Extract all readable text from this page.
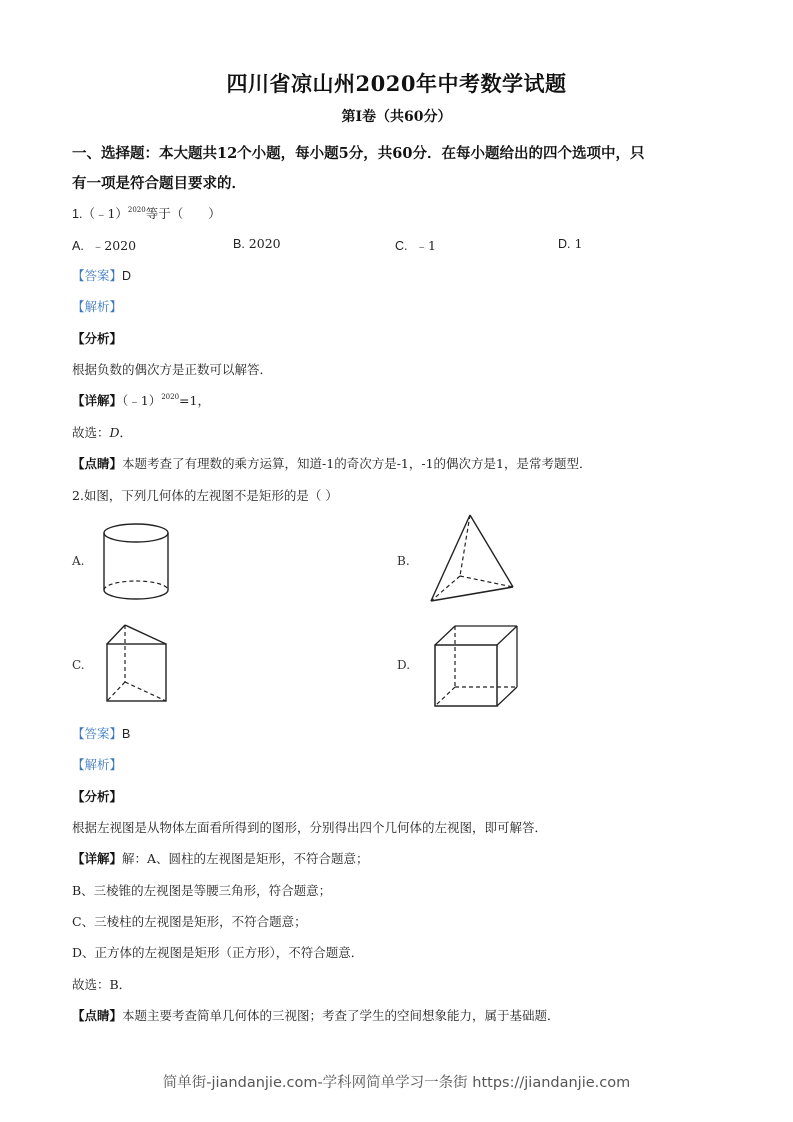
四川省凉山州2020年中考数学试题
第Ⅰ卷（共60分）
一、选择题：本大题共12个小题，每小题5分，共60分．在每小题给出的四个选项中，只
有一项是符合题目要求的．
1.（﹣1）$^{2020}$等于（　　）
A. ﹣2020	B. 2020	C. ﹣1	D. 1
【答案】D
【解析】
【分析】
根据负数的偶次方是正数可以解答．
【详解】（﹣1）$^{2020}$=1，
故选：D．
【点睛】本题考查了有理数的乘方运算，知道-1的奇次方是-1，-1的偶次方是1，是常考题型．
2.如图，下列几何体的左视图不是矩形的是（ ）
A.	B.
C.	D.
【答案】B
【解析】
【分析】
根据左视图是从物体左面看所得到的图形，分别得出四个几何体的左视图，即可解答．
【详解】解：A、圆柱的左视图是矩形，不符合题意；
B、三棱锥的左视图是等腰三角形，符合题意；
C、三棱柱的左视图是矩形，不符合题意；
D、正方体的左视图是矩形（正方形），不符合题意．
故选：B．
【点睛】本题主要考查简单几何体的三视图；考查了学生的空间想象能力，属于基础题．
简单街-jiandanjie.com-学科网简单学习一条街 https://jiandanjie.com
